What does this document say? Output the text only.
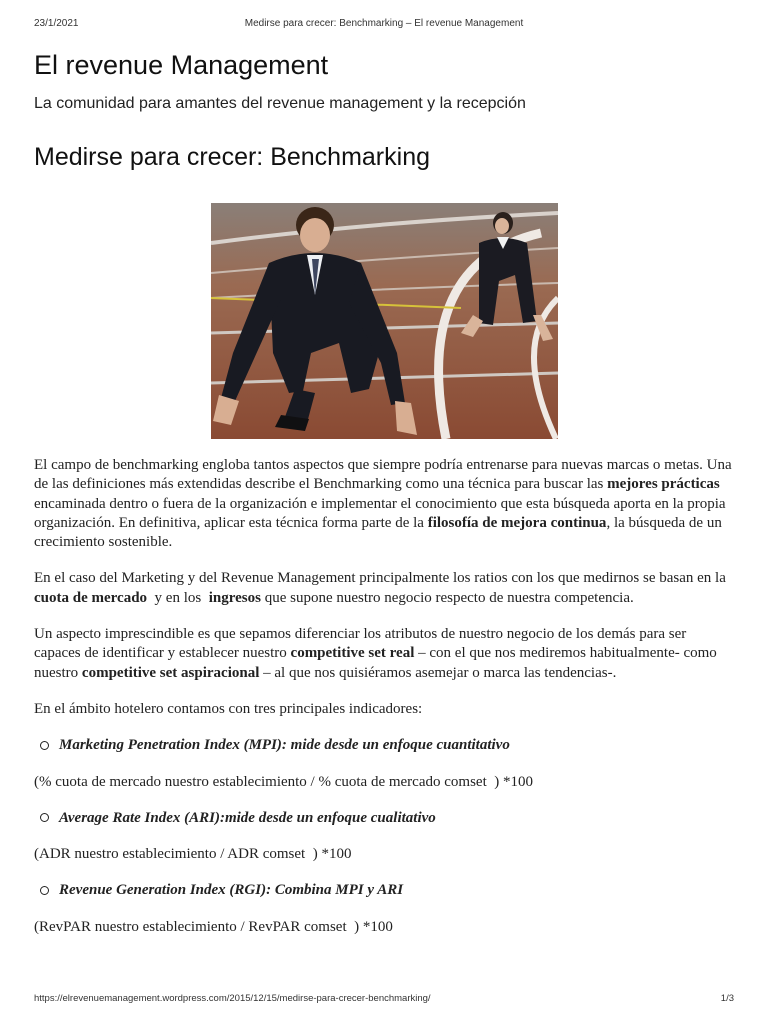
23/1/2021	Medirse para crecer: Benchmarking – El revenue Management
El revenue Management

La comunidad para amantes del revenue management y la recepción

Medirse para crecer: Benchmarking

El campo de benchmarking engloba tantos aspectos que siempre podría entrenarse para nuevas marcas o metas. Una de las definiciones más extendidas describe el Benchmarking como una técnica para buscar las mejores prácticas encaminada dentro o fuera de la organización e implementar el conocimiento que esta búsqueda aporta en la propia organización. En definitiva, aplicar esta técnica forma parte de la filosofía de mejora continua, la búsqueda de un crecimiento sostenible.

En el caso del Marketing y del Revenue Management principalmente los ratios con los que medirnos se basan en la cuota de mercado  y en los  ingresos que supone nuestro negocio respecto de nuestra competencia.

Un aspecto imprescindible es que sepamos diferenciar los atributos de nuestro negocio de los demás para ser capaces de identificar y establecer nuestro competitive set real – con el que nos mediremos habitualmente- como nuestro competitive set aspiracional – al que nos quisiéramos asemejar o marca las tendencias-.

En el ámbito hotelero contamos con tres principales indicadores:

Marketing Penetration Index (MPI): mide desde un enfoque cuantitativo

(% cuota de mercado nuestro establecimiento / % cuota de mercado comset  ) *100

Average Rate Index (ARI):mide desde un enfoque cualitativo

(ADR nuestro establecimiento / ADR comset  ) *100

Revenue Generation Index (RGI): Combina MPI y ARI

(RevPAR nuestro establecimiento / RevPAR comset  ) *100

https://elrevenuemanagement.wordpress.com/2015/12/15/medirse-para-crecer-benchmarking/	1/3
